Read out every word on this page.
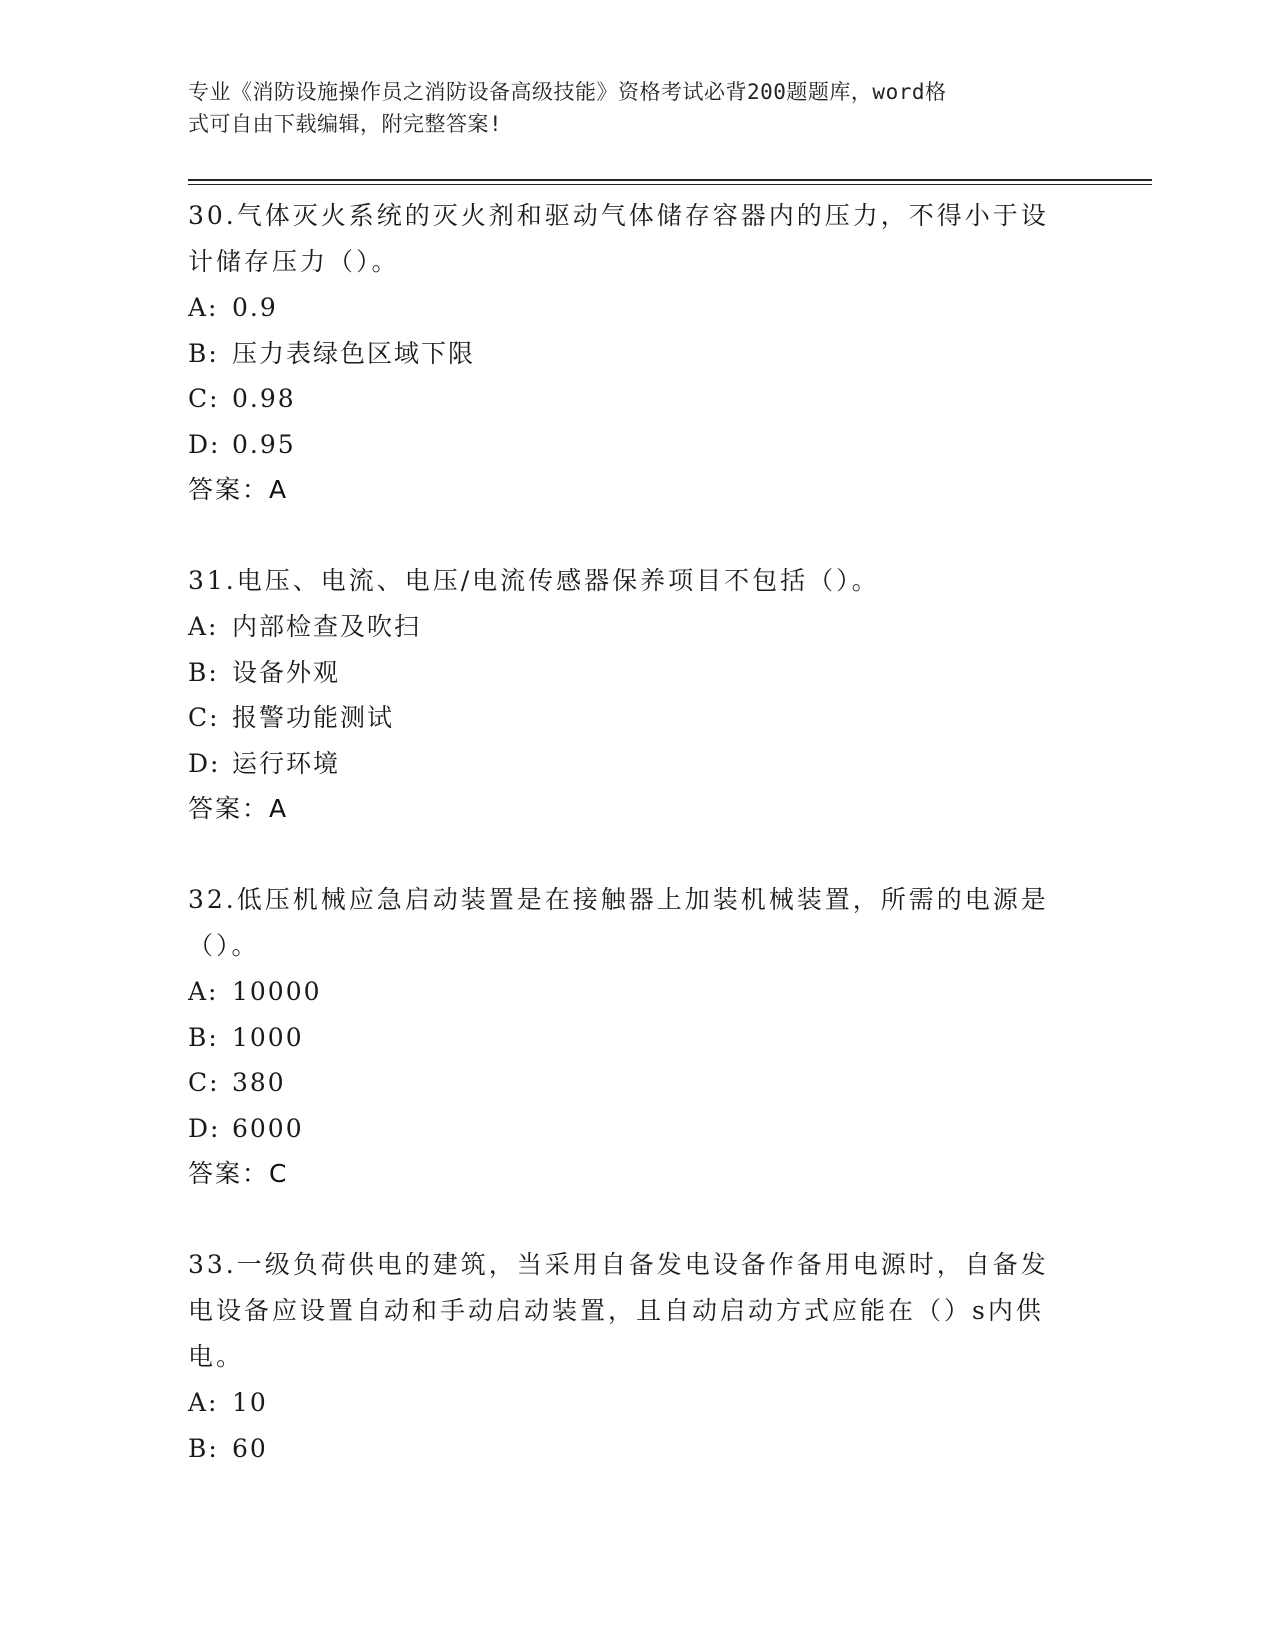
专业《消防设施操作员之消防设备高级技能》资格考试必背200题题库，word格
式可自由下载编辑，附完整答案!

30.气体灭火系统的灭火剂和驱动气体储存容器内的压力，不得小于设

计储存压力（）。

A: 0.9

B: 压力表绿色区域下限

C: 0.98

D: 0.95

答案：A

31.电压、电流、电压/电流传感器保养项目不包括（）。

A: 内部检查及吹扫

B: 设备外观

C: 报警功能测试

D: 运行环境

答案：A

32.低压机械应急启动装置是在接触器上加装机械装置，所需的电源是

（）。

A: 10000

B: 1000

C: 380

D: 6000

答案：C

33.一级负荷供电的建筑，当采用自备发电设备作备用电源时，自备发

电设备应设置自动和手动启动装置，且自动启动方式应能在（）s内供

电。

A: 10

B: 60
